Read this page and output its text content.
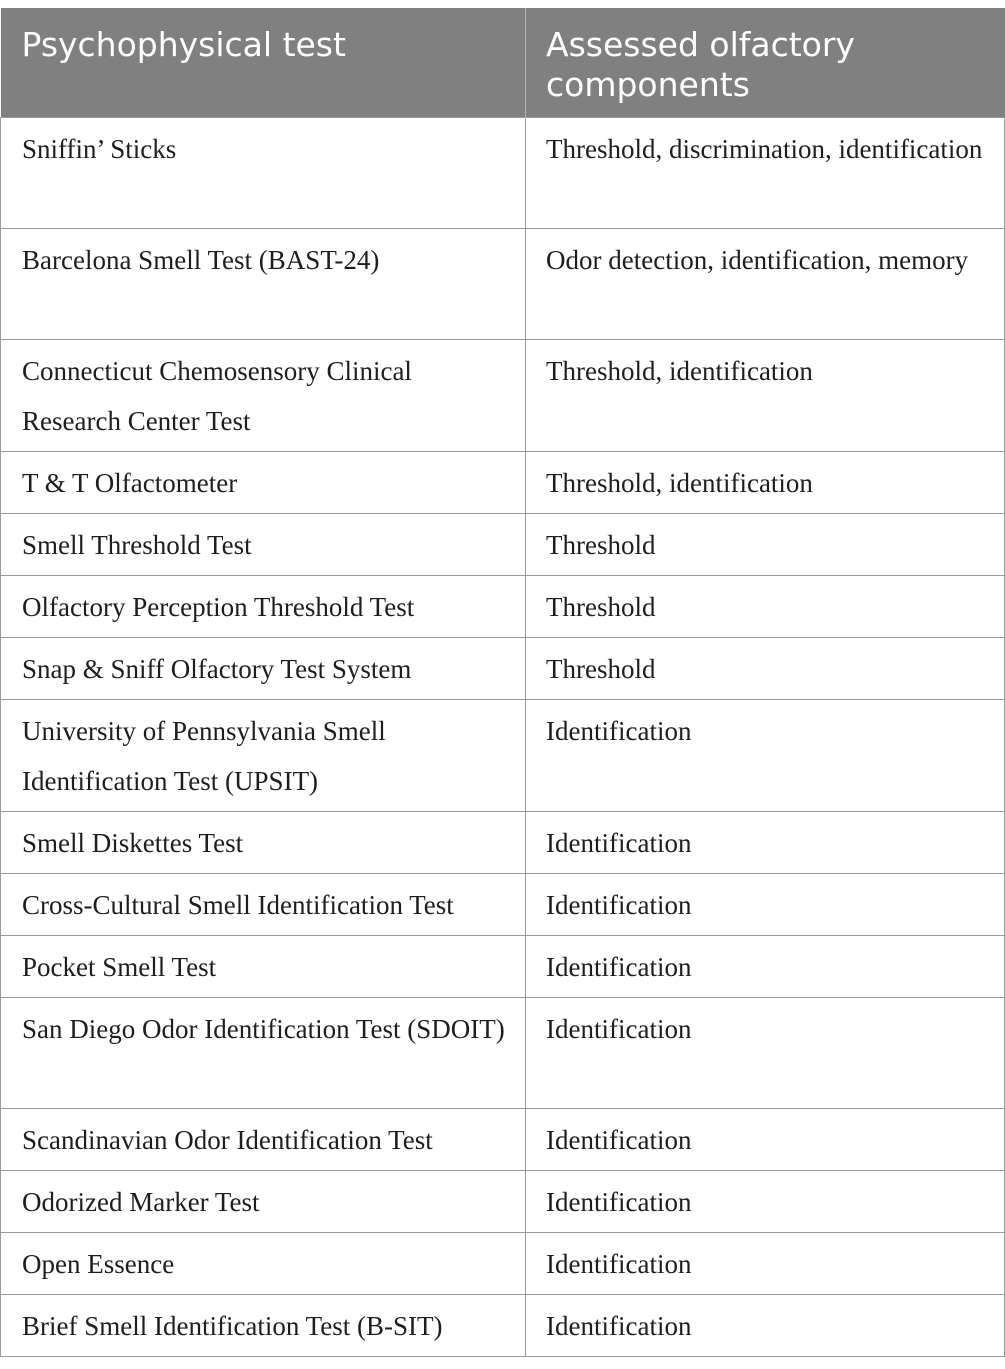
Psychophysical test	Assessed olfactory components
Sniffin’ Sticks	Threshold, discrimination, identification
Barcelona Smell Test (BAST-24)	Odor detection, identification, memory
Connecticut Chemosensory Clinical Research Center Test	Threshold, identification
T & T Olfactometer	Threshold, identification
Smell Threshold Test	Threshold
Olfactory Perception Threshold Test	Threshold
Snap & Sniff Olfactory Test System	Threshold
University of Pennsylvania Smell Identification Test (UPSIT)	Identification
Smell Diskettes Test	Identification
Cross-Cultural Smell Identification Test	Identification
Pocket Smell Test	Identification
San Diego Odor Identification Test (SDOIT)	Identification
Scandinavian Odor Identification Test	Identification
Odorized Marker Test	Identification
Open Essence	Identification
Brief Smell Identification Test (B-SIT)	Identification
